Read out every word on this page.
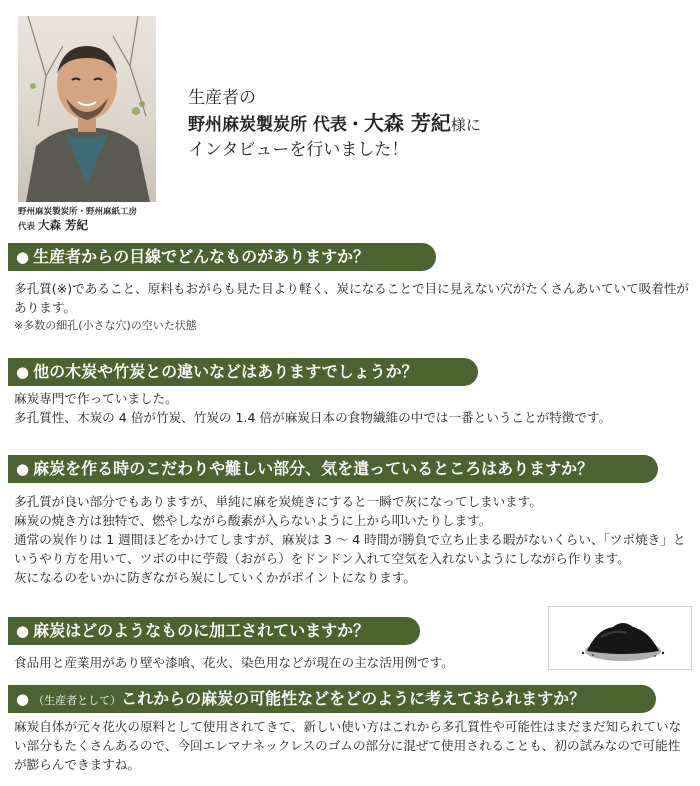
野州麻炭製炭所・野州麻紙工房
代表 大森 芳紀
生産者の
野州麻炭製炭所 代表・大森 芳紀様に
インタビューを行いました！
● 生産者からの目線でどんなものがありますか？

多孔質(※)であること、原料もおがらも見た目より軽く、炭になることで目に見えない穴がたくさんあいていて吸着性があります。

※多数の細孔(小さな穴)の空いた状態

● 他の木炭や竹炭との違いなどはありますでしょうか？

麻炭専門で作っていました。

多孔質性、木炭の 4 倍が竹炭、竹炭の 1.4 倍が麻炭日本の食物繊維の中では一番ということが特徴です。

● 麻炭を作る時のこだわりや難しい部分、気を遣っているところはありますか？

多孔質が良い部分でもありますが、単純に麻を炭焼きにすると一瞬で灰になってしまいます。

麻炭の焼き方は独特で、燃やしながら酸素が入らないように上から叩いたりします。

通常の炭作りは 1 週間ほどをかけてしますが、麻炭は 3 〜 4 時間が勝負で立ち止まる暇がないくらい、「ツボ焼き」というやり方を用いて、ツボの中に苧殻（おがら）をドンドン入れて空気を入れないようにしながら作ります。

灰になるのをいかに防ぎながら炭にしていくかがポイントになります。

● 麻炭はどのようなものに加工されていますか？

食品用と産業用があり壁や漆喰、花火、染色用などが現在の主な活用例です。

● （生産者として）これからの麻炭の可能性などをどのように考えておられますか？

麻炭自体が元々花火の原料として使用されてきて、新しい使い方はこれから多孔質性や可能性はまだまだ知られていない部分もたくさんあるので、今回エレマナネックレスのゴムの部分に混ぜて使用されることも、初の試みなので可能性が膨らんできますね。
